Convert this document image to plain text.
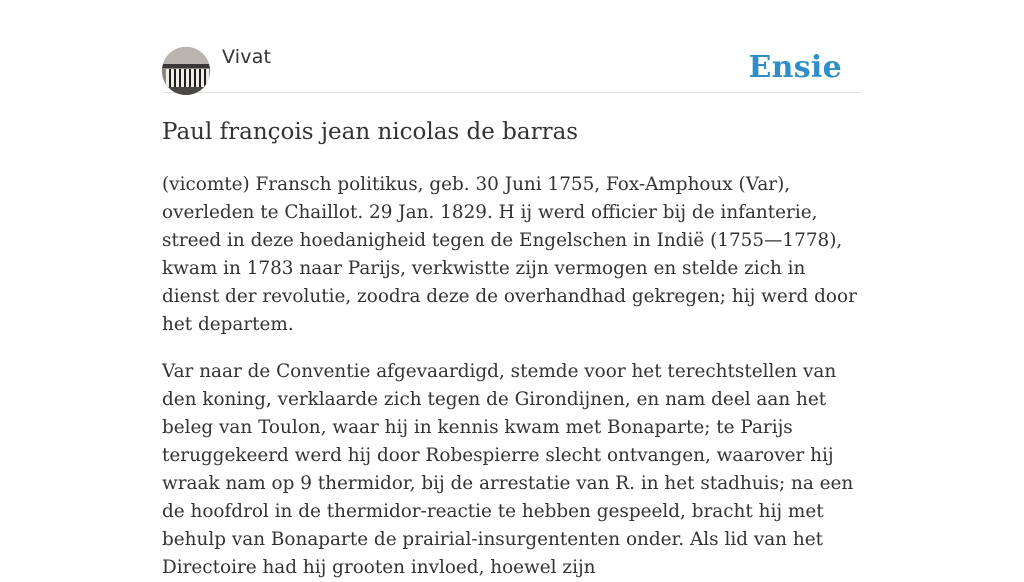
Vivat	Ensie
Paul françois jean nicolas de barras

(vicomte) Fransch politikus, geb. 30 Juni 1755, Fox-Amphoux (Var), overleden te Chaillot. 29 Jan. 1829. H ij werd officier bij de infanterie, streed in deze hoedanigheid tegen de Engelschen in Indië (1755—1778), kwam in 1783 naar Parijs, verkwistte zijn vermogen en stelde zich in dienst der revolutie, zoodra deze de overhandhad gekregen; hij werd door het departem.

Var naar de Conventie afgevaardigd, stemde voor het terechtstellen van den koning, verklaarde zich tegen de Girondijnen, en nam deel aan het beleg van Toulon, waar hij in kennis kwam met Bonaparte; te Parijs teruggekeerd werd hij door Robespierre slecht ontvangen, waarover hij wraak nam op 9 thermidor, bij de arrestatie van R. in het stadhuis; na een de hoofdrol in de thermidor-reactie te hebben gespeeld, bracht hij met behulp van Bonaparte de prairial-insurgententen onder. Als lid van het Directoire had hij grooten invloed, hoewel zijn
